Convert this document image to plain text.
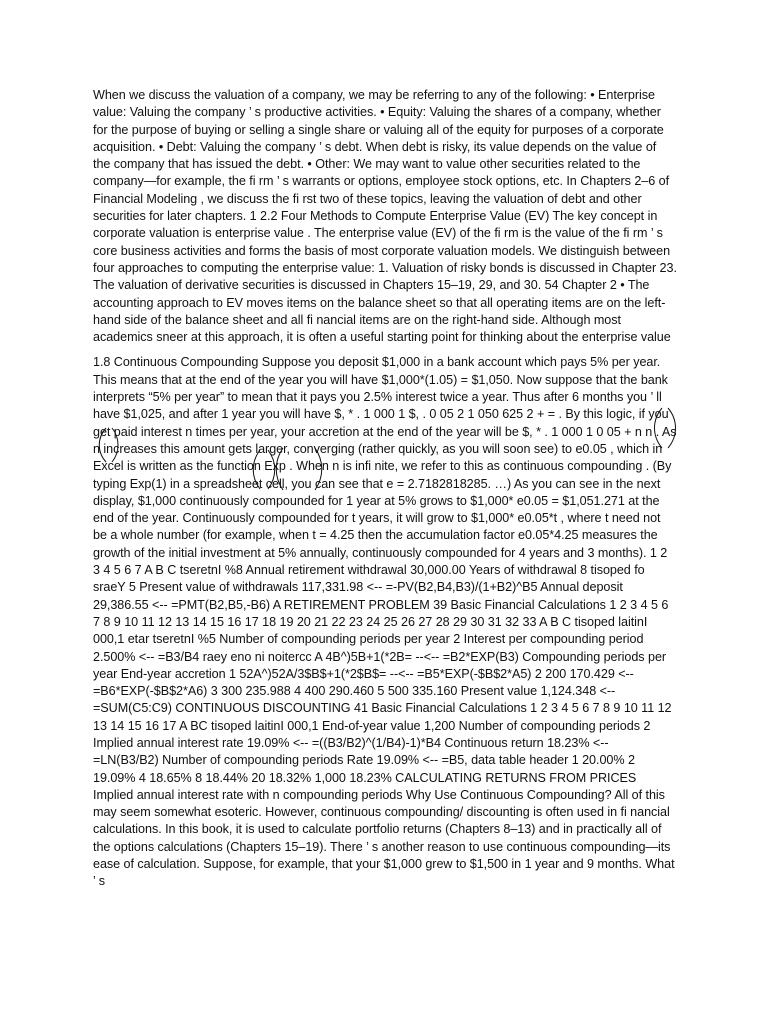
When we discuss the valuation of a company, we may be referring to any of the following: • Enterprise value: Valuing the company ’ s productive activities. • Equity: Valuing the shares of a company, whether for the purpose of buying or selling a single share or valuing all of the equity for purposes of a corporate acquisition. • Debt: Valuing the company ’ s debt. When debt is risky, its value depends on the value of the company that has issued the debt. • Other: We may want to value other securities related to the company—for example, the fi rm ’ s warrants or options, employee stock options, etc. In Chapters 2–6 of Financial Modeling , we discuss the fi rst two of these topics, leaving the valuation of debt and other securities for later chapters. 1 2.2 Four Methods to Compute Enterprise Value (EV) The key concept in corporate valuation is enterprise value . The enterprise value (EV) of the fi rm is the value of the fi rm ’ s core business activities and forms the basis of most corporate valuation models. We distinguish between four approaches to computing the enterprise value: 1. Valuation of risky bonds is discussed in Chapter 23. The valuation of derivative securities is discussed in Chapters 15–19, 29, and 30. 54 Chapter 2 • The accounting approach to EV moves items on the balance sheet so that all operating items are on the left-hand side of the balance sheet and all fi nancial items are on the right-hand side. Although most academics sneer at this approach, it is often a useful starting point for thinking about the enterprise value

1.8 Continuous Compounding Suppose you deposit $1,000 in a bank account which pays 5% per year. This means that at the end of the year you will have $1,000*(1.05) = $1,050. Now suppose that the bank interprets “5% per year” to mean that it pays you 2.5% interest twice a year. Thus after 6 months you ’ ll have $1,025, and after 1 year you will have $, * . 1 000 1 $, . 0 05 2 1 050 625 2 + = . By this logic, if you get paid interest n times per year, your accretion at the end of the year will be $, * . 1 000 1 0 05 + n n . As n increases this amount gets larger, converging (rather quickly, as you will soon see) to e0.05 , which in Excel is written as the function Exp . When n is infi nite, we refer to this as continuous compounding . (By typing Exp(1) in a spreadsheet cell, you can see that e = 2.7182818285. …) As you can see in the next display, $1,000 continuously compounded for 1 year at 5% grows to $1,000* e0.05 = $1,051.271 at the end of the year. Continuously compounded for t years, it will grow to $1,000* e0.05*t , where t need not be a whole number (for example, when t = 4.25 then the accumulation factor e0.05*4.25 measures the growth of the initial investment at 5% annually, continuously compounded for 4 years and 3 months). 1 2 3 4 5 6 7 A B C tseretnI %8 Annual retirement withdrawal 30,000.00 Years of withdrawal 8 tisoped fo sraeY 5 Present value of withdrawals 117,331.98 <-- =-PV(B2,B4,B3)/(1+B2)^B5 Annual deposit 29,386.55 <-- =PMT(B2,B5,-B6) A RETIREMENT PROBLEM 39 Basic Financial Calculations 1 2 3 4 5 6 7 8 9 10 11 12 13 14 15 16 17 18 19 20 21 22 23 24 25 26 27 28 29 30 31 32 33 A B C tisoped laitinI 000,1 etar tseretnI %5 Number of compounding periods per year 2 Interest per compounding period 2.500% <-- =B3/B4 raey eno ni noitercc A 4B^)5B+1(*2B= --<-- =B2*EXP(B3) Compounding periods per year End-year accretion 1 52A^)52A/3$B$+1(*2$B$= --<-- =B5*EXP(-$B$2*A5) 2 200 170.429 <-- =B6*EXP(-$B$2*A6) 3 300 235.988 4 400 290.460 5 500 335.160 Present value 1,124.348 <-- =SUM(C5:C9) CONTINUOUS DISCOUNTING 41 Basic Financial Calculations 1 2 3 4 5 6 7 8 9 10 11 12 13 14 15 16 17 A BC tisoped laitinI 000,1 End-of-year value 1,200 Number of compounding periods 2 Implied annual interest rate 19.09% <-- =((B3/B2)^(1/B4)-1)*B4 Continuous return 18.23% <-- =LN(B3/B2) Number of compounding periods Rate 19.09% <-- =B5, data table header 1 20.00% 2 19.09% 4 18.65% 8 18.44% 20 18.32% 1,000 18.23% CALCULATING RETURNS FROM PRICES Implied annual interest rate with n compounding periods Why Use Continuous Compounding? All of this may seem somewhat esoteric. However, continuous compounding/ discounting is often used in fi nancial calculations. In this book, it is used to calculate portfolio returns (Chapters 8–13) and in practically all of the options calculations (Chapters 15–19). There ’ s another reason to use continuous compounding—its ease of calculation. Suppose, for example, that your $1,000 grew to $1,500 in 1 year and 9 months. What ’ s
